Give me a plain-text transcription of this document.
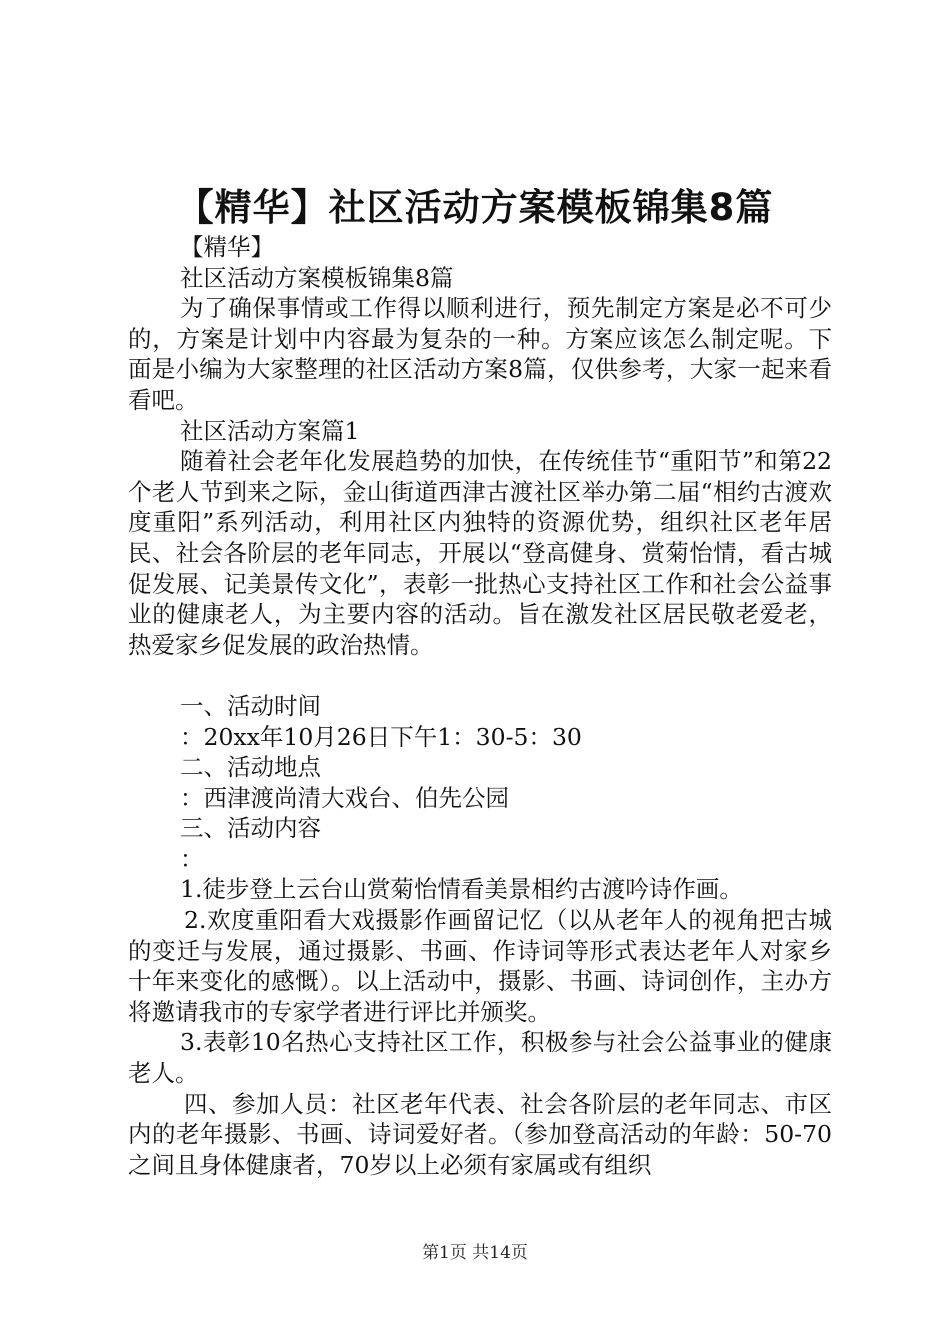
【精华】社区活动方案模板锦集8篇

【精华】

社区活动方案模板锦集8篇

为了确保事情或工作得以顺利进行，预先制定方案是必不可少的，方案是计划中内容最为复杂的一种。方案应该怎么制定呢。下面是小编为大家整理的社区活动方案8篇，仅供参考，大家一起来看看吧。

社区活动方案篇1

随着社会老年化发展趋势的加快，在传统佳节“重阳节”和第22个老人节到来之际，金山街道西津古渡社区举办第二届“相约古渡欢度重阳”系列活动，利用社区内独特的资源优势，组织社区老年居民、社会各阶层的老年同志，开展以“登高健身、赏菊怡情，看古城促发展、记美景传文化”，表彰一批热心支持社区工作和社会公益事业的健康老人，为主要内容的活动。旨在激发社区居民敬老爱老，热爱家乡促发展的政治热情。

一、活动时间

：20xx年10月26日下午1：30-5：30

二、活动地点

：西津渡尚清大戏台、伯先公园

三、活动内容

：

1.徒步登上云台山赏菊怡情看美景相约古渡吟诗作画。

2.欢度重阳看大戏摄影作画留记忆（以从老年人的视角把古城的变迁与发展，通过摄影、书画、作诗词等形式表达老年人对家乡十年来变化的感慨）。以上活动中，摄影、书画、诗词创作，主办方将邀请我市的专家学者进行评比并颁奖。

3.表彰10名热心支持社区工作，积极参与社会公益事业的健康老人。

四、参加人员：社区老年代表、社会各阶层的老年同志、市区内的老年摄影、书画、诗词爱好者。（参加登高活动的年龄：50-70之间且身体健康者，70岁以上必须有家属或有组织

第1页 共14页
